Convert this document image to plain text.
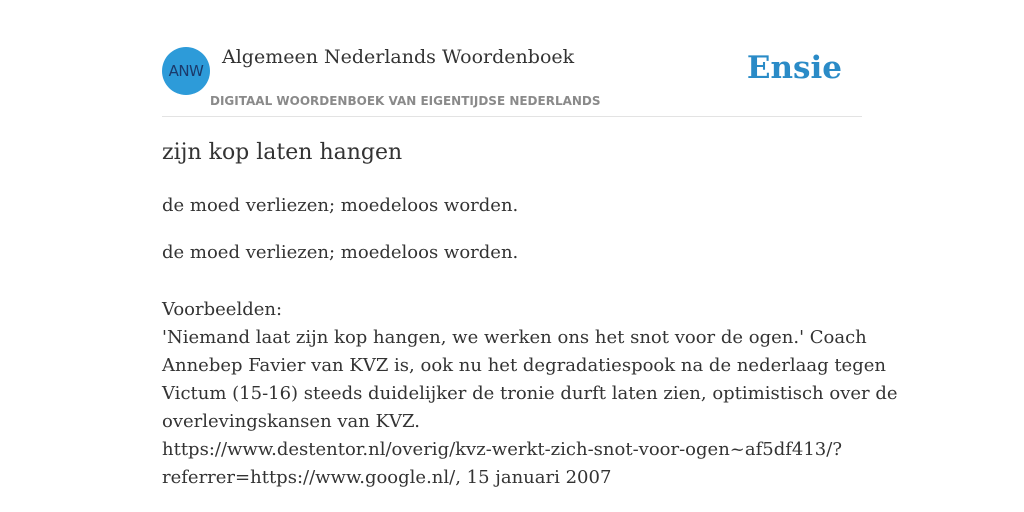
ANW
Algemeen Nederlands Woordenboek
DIGITAAL WOORDENBOEK VAN EIGENTIJDSE NEDERLANDS
Ensie
zijn kop laten hangen

de moed verliezen; moedeloos worden.

de moed verliezen; moedeloos worden.

Voorbeelden:
'Niemand laat zijn kop hangen, we werken ons het snot voor de ogen.' Coach
Annebep Favier van KVZ is, ook nu het degradatiespook na de nederlaag tegen
Victum (15-16) steeds duidelijker de tronie durft laten zien, optimistisch over de
overlevingskansen van KVZ.
https://www.destentor.nl/overig/kvz-werkt-zich-snot-voor-ogen~af5df413/?
referrer=https://www.google.nl/, 15 januari 2007
